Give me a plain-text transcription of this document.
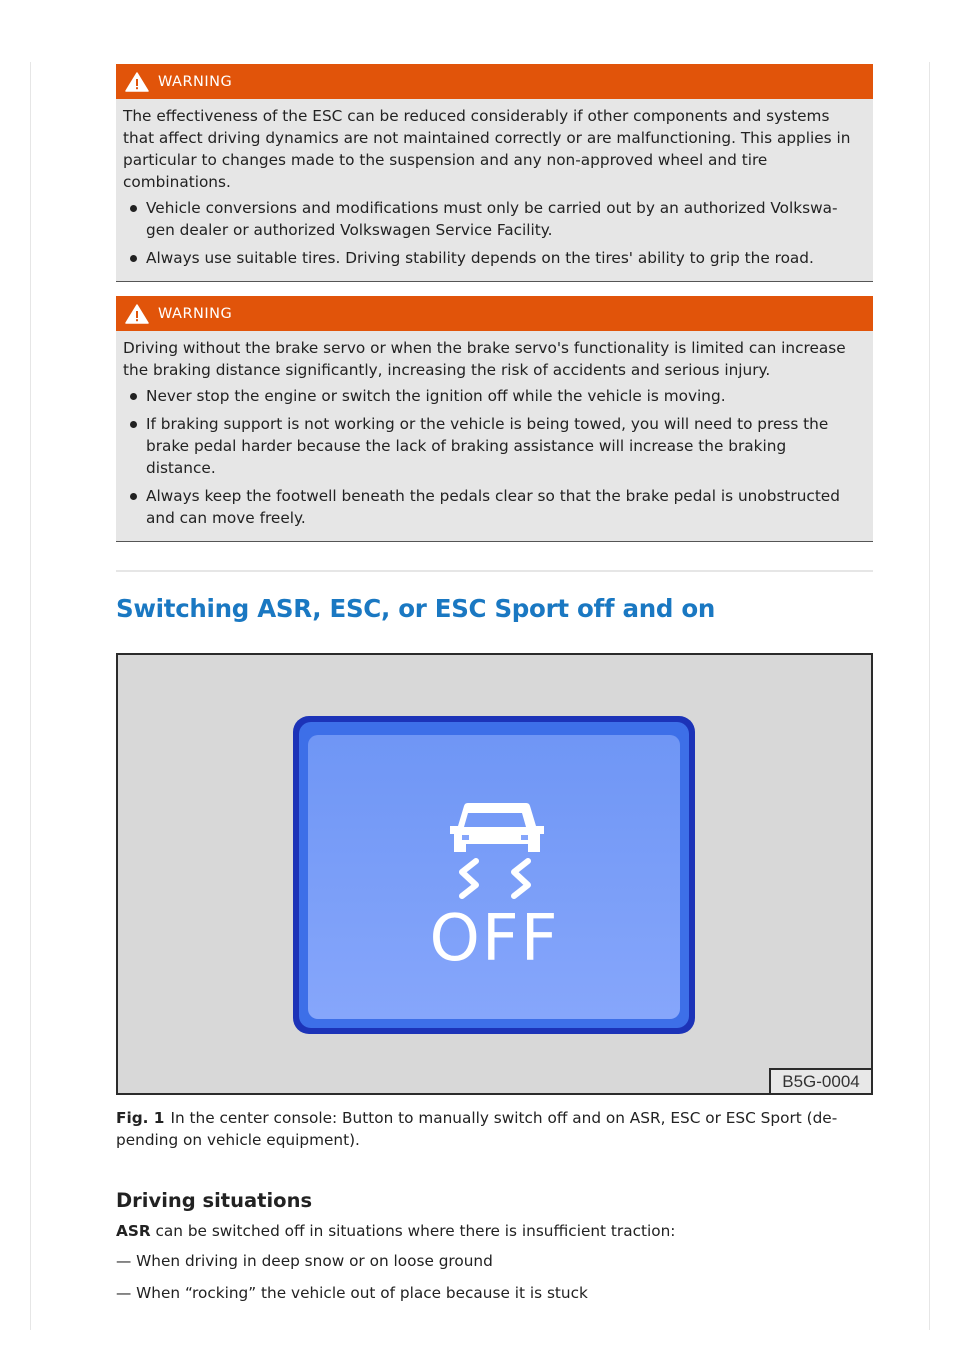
WARNING

The effectiveness of the ESC can be reduced considerably if other components and systems that affect driving dynamics are not maintained correctly or are malfunctioning. This applies in particular to changes made to the suspension and any non-approved wheel and tire combinations.

Vehicle conversions and modifications must only be carried out by an authorized Volkswa-gen dealer or authorized Volkswagen Service Facility.
Always use suitable tires. Driving stability depends on the tires' ability to grip the road.
WARNING

Driving without the brake servo or when the brake servo's functionality is limited can increase the braking distance significantly, increasing the risk of accidents and serious injury.

Never stop the engine or switch the ignition off while the vehicle is moving.
If braking support is not working or the vehicle is being towed, you will need to press the brake pedal harder because the lack of braking assistance will increase the braking distance.
Always keep the footwell beneath the pedals clear so that the brake pedal is unobstructed and can move freely.
Switching ASR, ESC, or ESC Sport off and on
OFF
B5G-0004
Fig. 1 In the center console: Button to manually switch off and on ASR, ESC or ESC Sport (de-pending on vehicle equipment).
Driving situations
ASR can be switched off in situations where there is insufficient traction:
— When driving in deep snow or on loose ground
— When “rocking” the vehicle out of place because it is stuck
